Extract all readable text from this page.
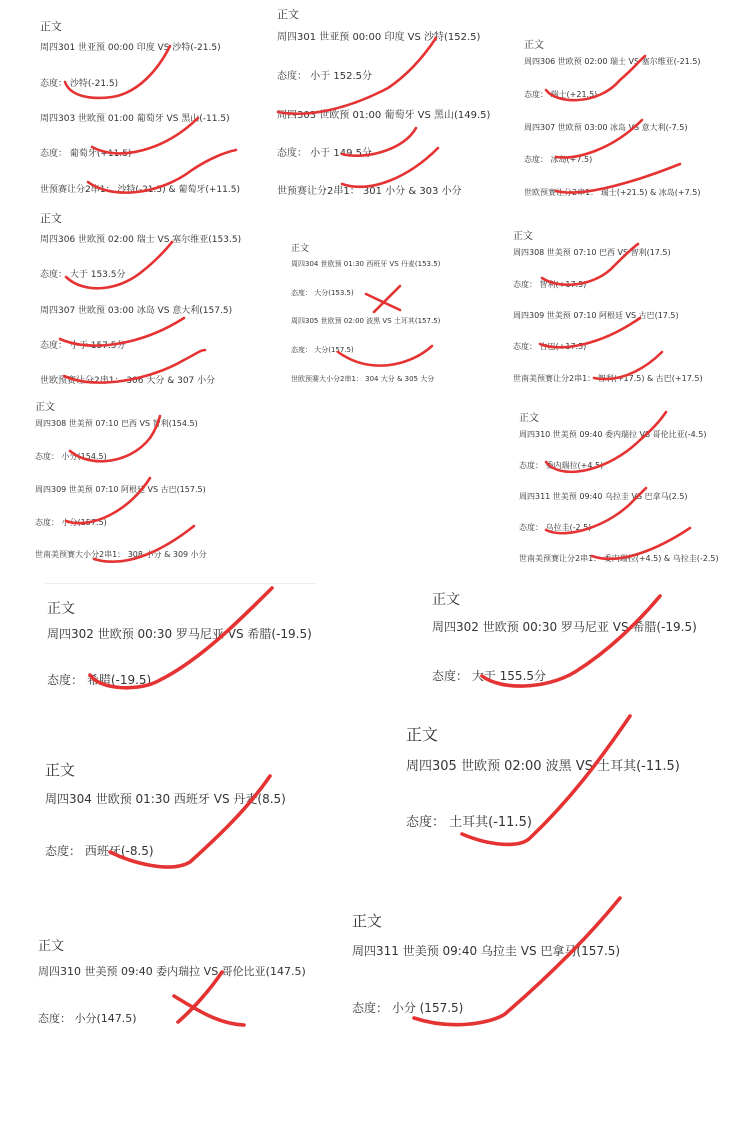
正文
周四301 世亚预 00:00 印度 VS 沙特(-21.5)
态度： 沙特(-21.5)
周四303 世欧预 01:00 葡萄牙 VS 黑山(-11.5)
态度： 葡萄牙(+11.5)
世预赛让分2串1： 沙特(-21.5) & 葡萄牙(+11.5)
正文
周四301 世亚预 00:00 印度 VS 沙特(152.5)
态度： 小于 152.5分
周四303 世欧预 01:00 葡萄牙 VS 黑山(149.5)
态度： 小于 149.5分
世预赛让分2串1： 301 小分 & 303 小分
正文
周四306 世欧预 02:00 瑞士 VS 塞尔维亚(-21.5)
态度： 瑞士(+21.5)
周四307 世欧预 03:00 冰岛 VS 意大利(-7.5)
态度： 冰岛(+7.5)
世欧预赛让分2串1： 瑞士(+21.5) & 冰岛(+7.5)
正文
周四306 世欧预 02:00 瑞士 VS 塞尔维亚(153.5)
态度： 大于 153.5分
周四307 世欧预 03:00 冰岛 VS 意大利(157.5)
态度： 小于 157.5分
世欧预赛让分2串1： 306 大分 & 307 小分
正文
周四304 世欧预 01:30 西班牙 VS 丹麦(153.5)
态度： 大分(153.5)
周四305 世欧预 02:00 波黑 VS 土耳其(157.5)
态度： 大分(157.5)
世欧预赛大小分2串1： 304 大分 & 305 大分
正文
周四308 世美预 07:10 巴西 VS 智利(17.5)
态度： 智利(+17.5)
周四309 世美预 07:10 阿根廷 VS 古巴(17.5)
态度： 古巴(+17.5)
世南美预赛让分2串1： 智利(+17.5) & 古巴(+17.5)
正文
周四308 世美预 07:10 巴西 VS 智利(154.5)
态度： 小分(154.5)
周四309 世美预 07:10 阿根廷 VS 古巴(157.5)
态度： 小分(157.5)
世南美预赛大小分2串1： 308 小分 & 309 小分
正文
周四310 世美预 09:40 委内瑞拉 VS 哥伦比亚(-4.5)
态度： 委内瑞拉(+4.5)
周四311 世美预 09:40 乌拉圭 VS 巴拿马(2.5)
态度： 乌拉圭(-2.5)
世南美预赛让分2串1： 委内瑞拉(+4.5) & 乌拉圭(-2.5)
正文
周四302 世欧预 00:30 罗马尼亚 VS 希腊(-19.5)
态度： 希腊(-19.5)
正文
周四302 世欧预 00:30 罗马尼亚 VS 希腊(-19.5)
态度： 大于 155.5分
正文
周四305 世欧预 02:00 波黑 VS 土耳其(-11.5)
态度： 土耳其(-11.5)
正文
周四304 世欧预 01:30 西班牙 VS 丹麦(8.5)
态度： 西班牙(-8.5)
正文
周四311 世美预 09:40 乌拉圭 VS 巴拿马(157.5)
态度： 小分 (157.5)
正文
周四310 世美预 09:40 委内瑞拉 VS 哥伦比亚(147.5)
态度： 小分(147.5)
